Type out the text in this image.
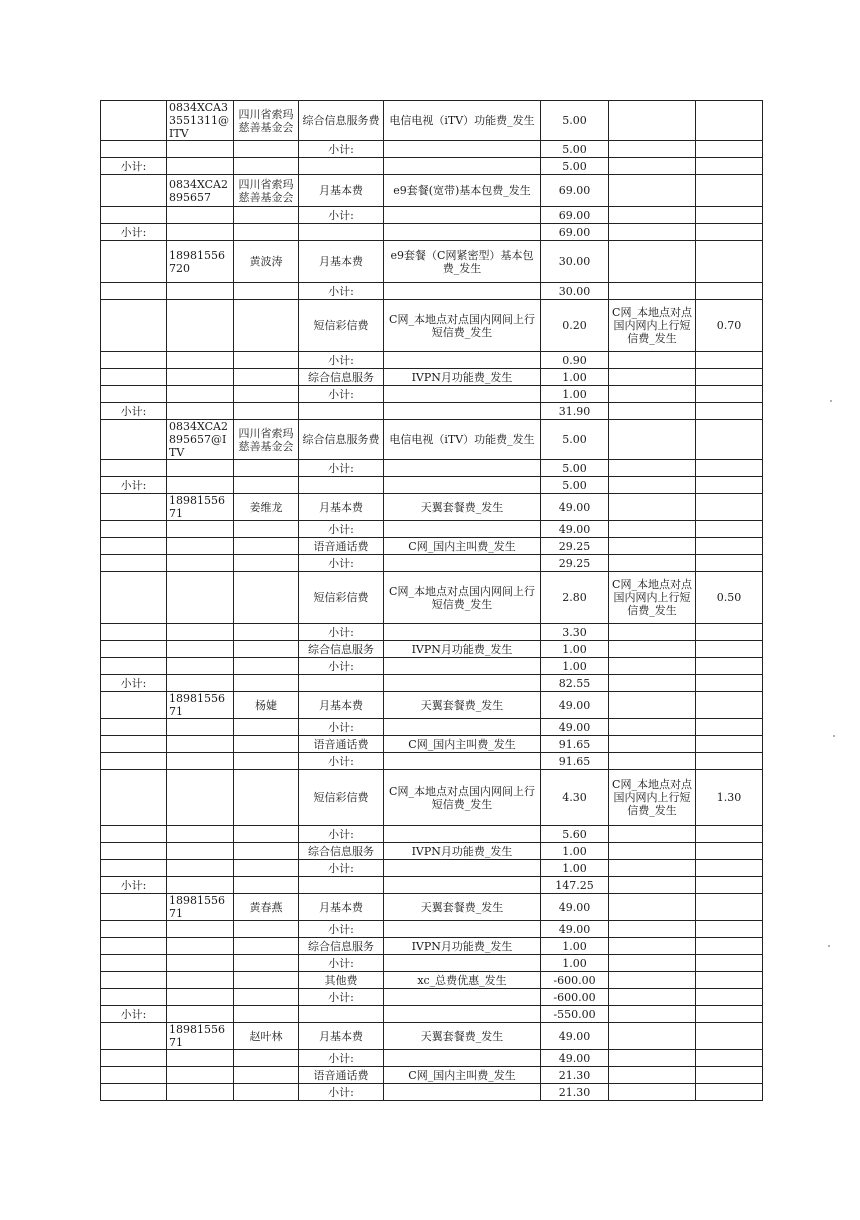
	0834XCA33551311@ITV	四川省索玛慈善基金会	综合信息服务费	电信电视（iTV）功能费_发生	5.00		
			小计:		5.00		
小计:					5.00		
	0834XCA2895657	四川省索玛慈善基金会	月基本费	e9套餐(宽带)基本包费_发生	69.00		
			小计:		69.00		
小计:					69.00		
	18981556720	黄波涛	月基本费	e9套餐（C网紧密型）基本包费_发生	30.00		
			小计:		30.00		
			短信彩信费	C网_本地点对点国内网间上行短信费_发生	0.20	C网_本地点对点国内网内上行短信费_发生	0.70
			小计:		0.90		
			综合信息服务	IVPN月功能费_发生	1.00		
			小计:		1.00		
小计:					31.90		
	0834XCA2895657@ITV	四川省索玛慈善基金会	综合信息服务费	电信电视（iTV）功能费_发生	5.00		
			小计:		5.00		
小计:					5.00		
	1898155671	姜维龙	月基本费	天翼套餐费_发生	49.00		
			小计:		49.00		
			语音通话费	C网_国内主叫费_发生	29.25		
			小计:		29.25		
			短信彩信费	C网_本地点对点国内网间上行短信费_发生	2.80	C网_本地点对点国内网内上行短信费_发生	0.50
			小计:		3.30		
			综合信息服务	IVPN月功能费_发生	1.00		
			小计:		1.00		
小计:					82.55		
	1898155671	杨婕	月基本费	天翼套餐费_发生	49.00		
			小计:		49.00		
			语音通话费	C网_国内主叫费_发生	91.65		
			小计:		91.65		
			短信彩信费	C网_本地点对点国内网间上行短信费_发生	4.30	C网_本地点对点国内网内上行短信费_发生	1.30
			小计:		5.60		
			综合信息服务	IVPN月功能费_发生	1.00		
			小计:		1.00		
小计:					147.25		
	1898155671	黄春燕	月基本费	天翼套餐费_发生	49.00		
			小计:		49.00		
			综合信息服务	IVPN月功能费_发生	1.00		
			小计:		1.00		
			其他费	xc_总费优惠_发生	-600.00		
			小计:		-600.00		
小计:					-550.00		
	1898155671	赵叶林	月基本费	天翼套餐费_发生	49.00		
			小计:		49.00		
			语音通话费	C网_国内主叫费_发生	21.30		
			小计:		21.30		
